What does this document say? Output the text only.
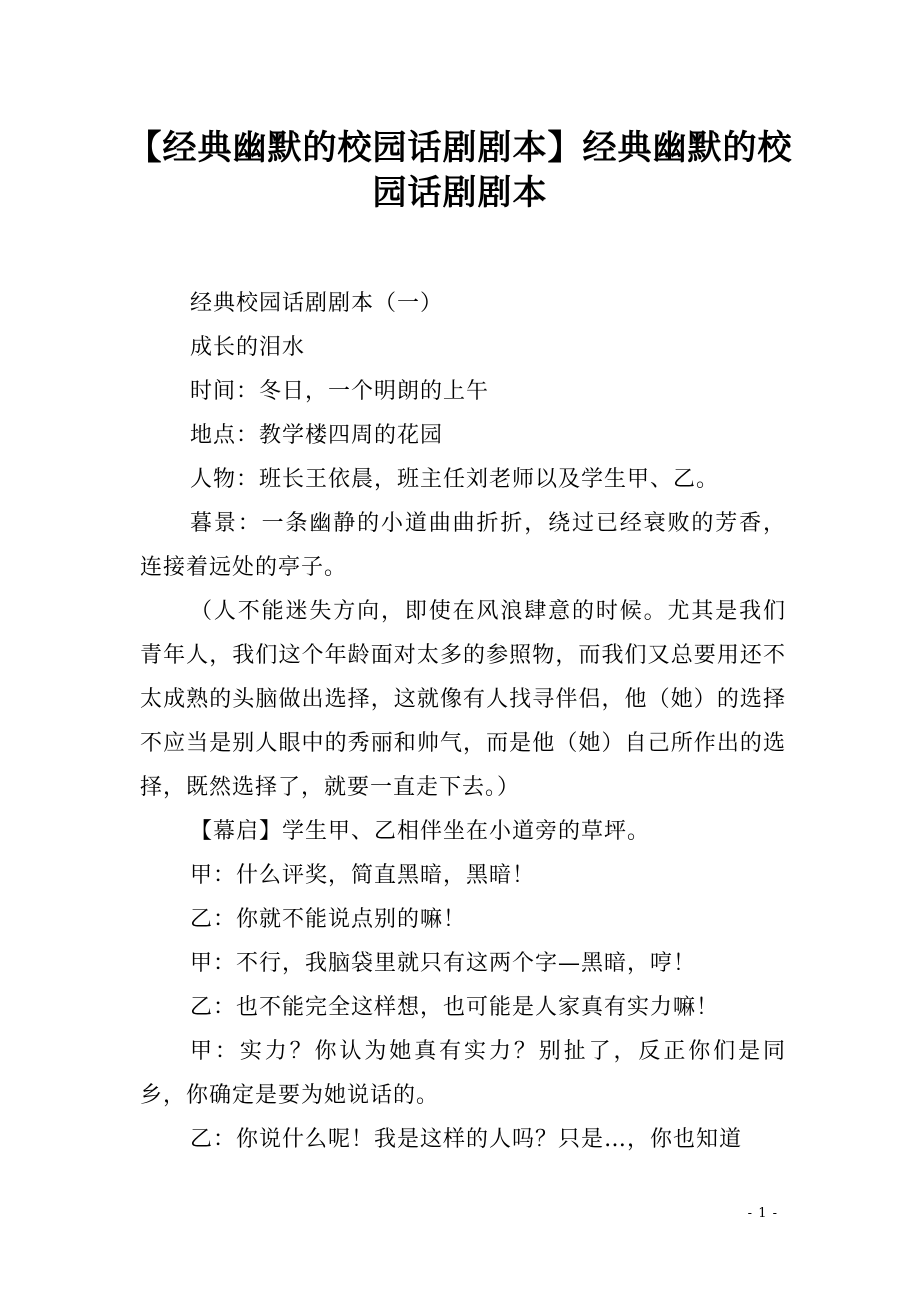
【经典幽默的校园话剧剧本】经典幽默的校园话剧剧本

经典校园话剧剧本（一）

成长的泪水

时间：冬日，一个明朗的上午

地点：教学楼四周的花园

人物：班长王依晨，班主任刘老师以及学生甲、乙。

暮景：一条幽静的小道曲曲折折，绕过已经衰败的芳香，连接着远处的亭子。

（人不能迷失方向，即使在风浪肆意的时候。尤其是我们青年人，我们这个年龄面对太多的参照物，而我们又总要用还不太成熟的头脑做出选择，这就像有人找寻伴侣，他（她）的选择不应当是别人眼中的秀丽和帅气，而是他（她）自己所作出的选择，既然选择了，就要一直走下去。）

【幕启】学生甲、乙相伴坐在小道旁的草坪。

甲：什么评奖，简直黑暗，黑暗！

乙：你就不能说点别的嘛！

甲：不行，我脑袋里就只有这两个字—黑暗，哼！

乙：也不能完全这样想，也可能是人家真有实力嘛！

甲：实力？你认为她真有实力？别扯了，反正你们是同乡，你确定是要为她说话的。

乙：你说什么呢！我是这样的人吗？只是…，你也知道

- 1 -
